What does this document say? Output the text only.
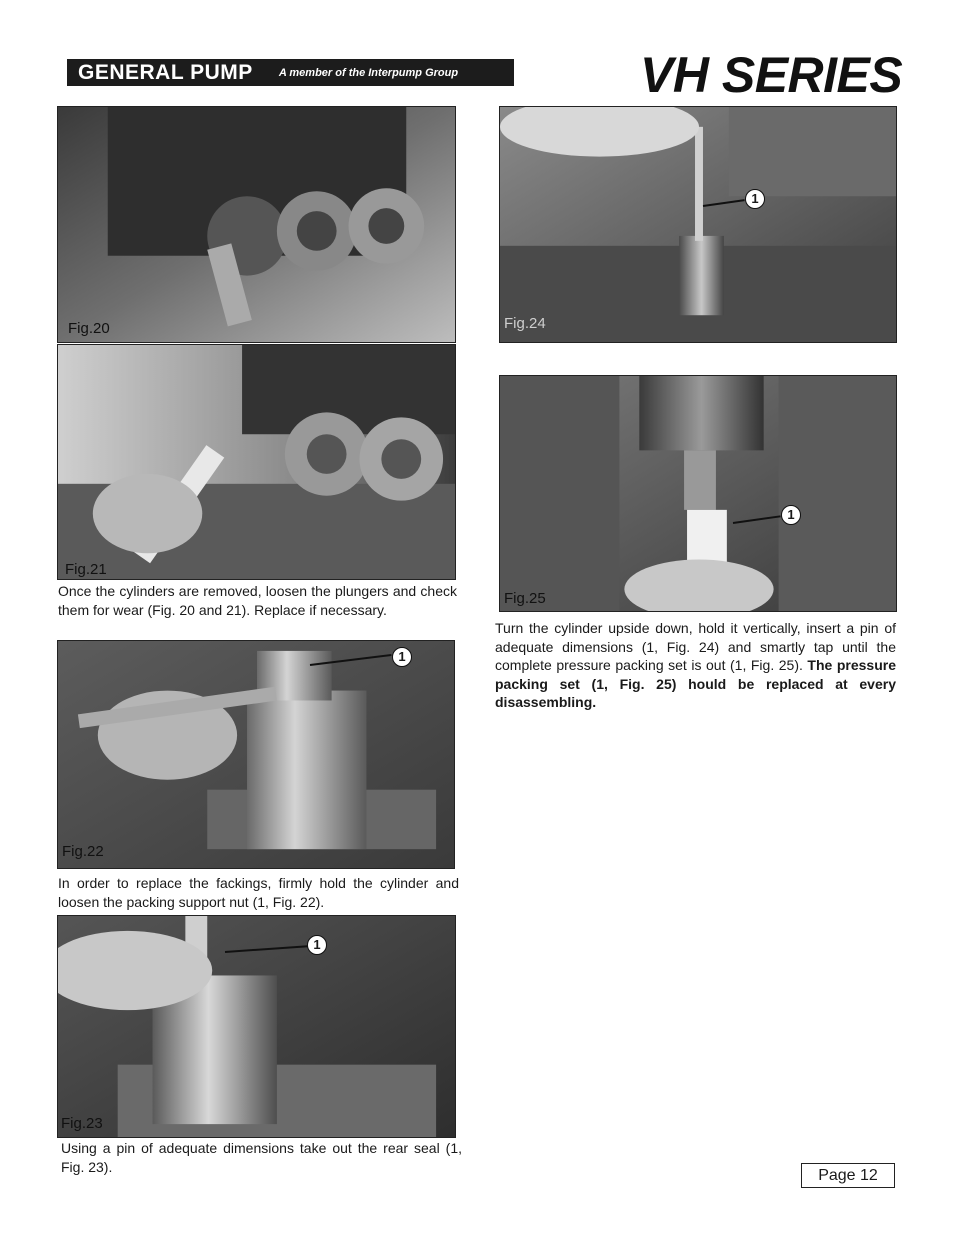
GENERAL PUMP A member of the Interpump Group	VH SERIES
Fig.20
Fig.21
Once the cylinders are removed, loosen the plungers and check them for wear (Fig. 20 and 21). Replace if necessary.
Fig.22
1
In order to replace the fackings, firmly hold the cylinder and loosen the packing support nut (1, Fig. 22).
Fig.23
1
Using a pin of adequate dimensions take out the rear seal (1, Fig. 23).
Fig.24
1
Fig.25
1
Turn the cylinder upside down, hold it vertically, insert a pin of adequate dimensions (1, Fig. 24) and smartly tap until the complete pressure packing set is out (1, Fig. 25). The pressure packing set (1, Fig. 25) hould be replaced at every disassembling.
Page 12
